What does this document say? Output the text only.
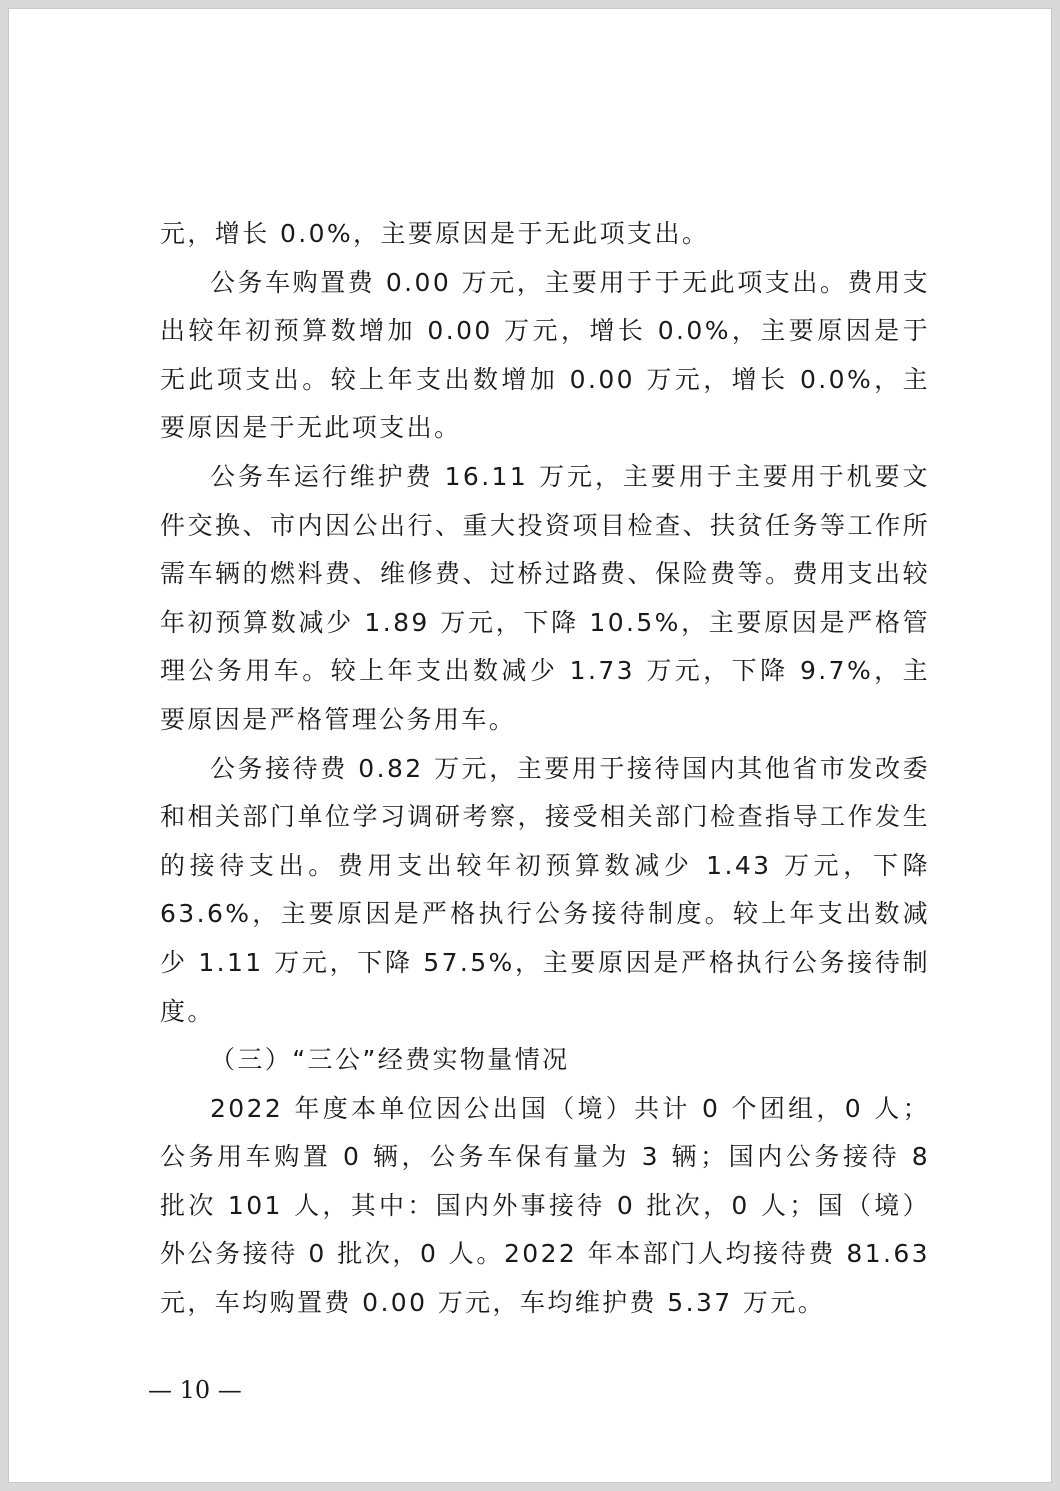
元，增长 0.0%，主要原因是于无此项支出。

公务车购置费 0.00 万元，主要用于于无此项支出。费用支出较年初预算数增加 0.00 万元，增长 0.0%，主要原因是于无此项支出。较上年支出数增加 0.00 万元，增长 0.0%，主要原因是于无此项支出。

公务车运行维护费 16.11 万元，主要用于主要用于机要文件交换、市内因公出行、重大投资项目检查、扶贫任务等工作所需车辆的燃料费、维修费、过桥过路费、保险费等。费用支出较年初预算数减少 1.89 万元，下降 10.5%，主要原因是严格管理公务用车。较上年支出数减少 1.73 万元，下降 9.7%，主要原因是严格管理公务用车。

公务接待费 0.82 万元，主要用于接待国内其他省市发改委和相关部门单位学习调研考察，接受相关部门检查指导工作发生的接待支出。费用支出较年初预算数减少 1.43 万元，下降 63.6%，主要原因是严格执行公务接待制度。较上年支出数减少 1.11 万元，下降 57.5%，主要原因是严格执行公务接待制度。

（三）“三公”经费实物量情况

2022 年度本单位因公出国（境）共计 0 个团组，0 人；公务用车购置 0 辆，公务车保有量为 3 辆；国内公务接待 8 批次 101 人，其中：国内外事接待 0 批次，0 人；国（境）外公务接待 0 批次，0 人。2022 年本部门人均接待费 81.63 元，车均购置费 0.00 万元，车均维护费 5.37 万元。

— 10 —
